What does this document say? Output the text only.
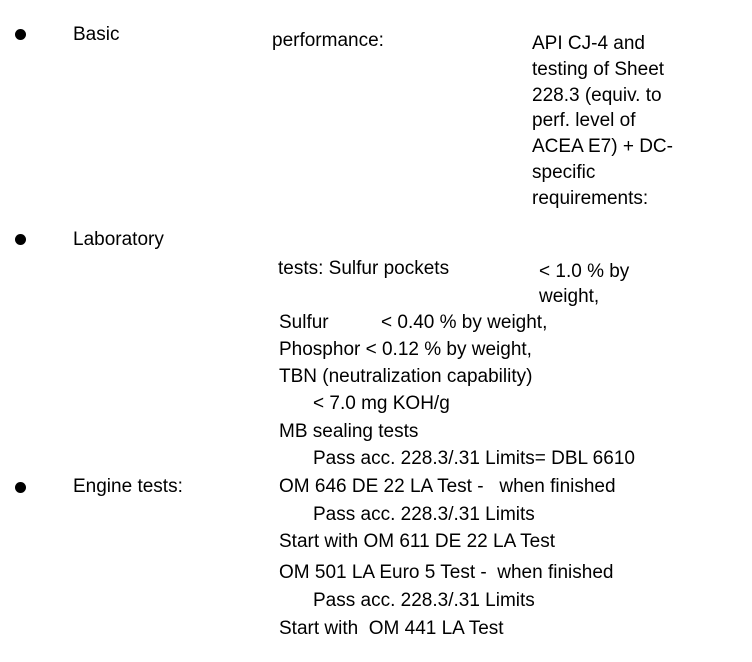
Basic	performance:	API CJ-4 and
testing of Sheet
228.3 (equiv. to
perf. level of
ACEA E7) + DC-
specific
requirements:
Laboratory
tests: Sulfur pockets	< 1.0 % by
weight,
Sulfur	< 0.40 % by weight,
Phosphor < 0.12 % by weight,
TBN (neutralization capability)
< 7.0 mg KOH/g
MB sealing tests
Pass acc. 228.3/.31 Limits= DBL 6610
Engine tests:	OM 646 DE 22 LA Test -   when finished
Pass acc. 228.3/.31 Limits
Start with OM 611 DE 22 LA Test
OM 501 LA Euro 5 Test -  when finished
Pass acc. 228.3/.31 Limits
Start with  OM 441 LA Test
